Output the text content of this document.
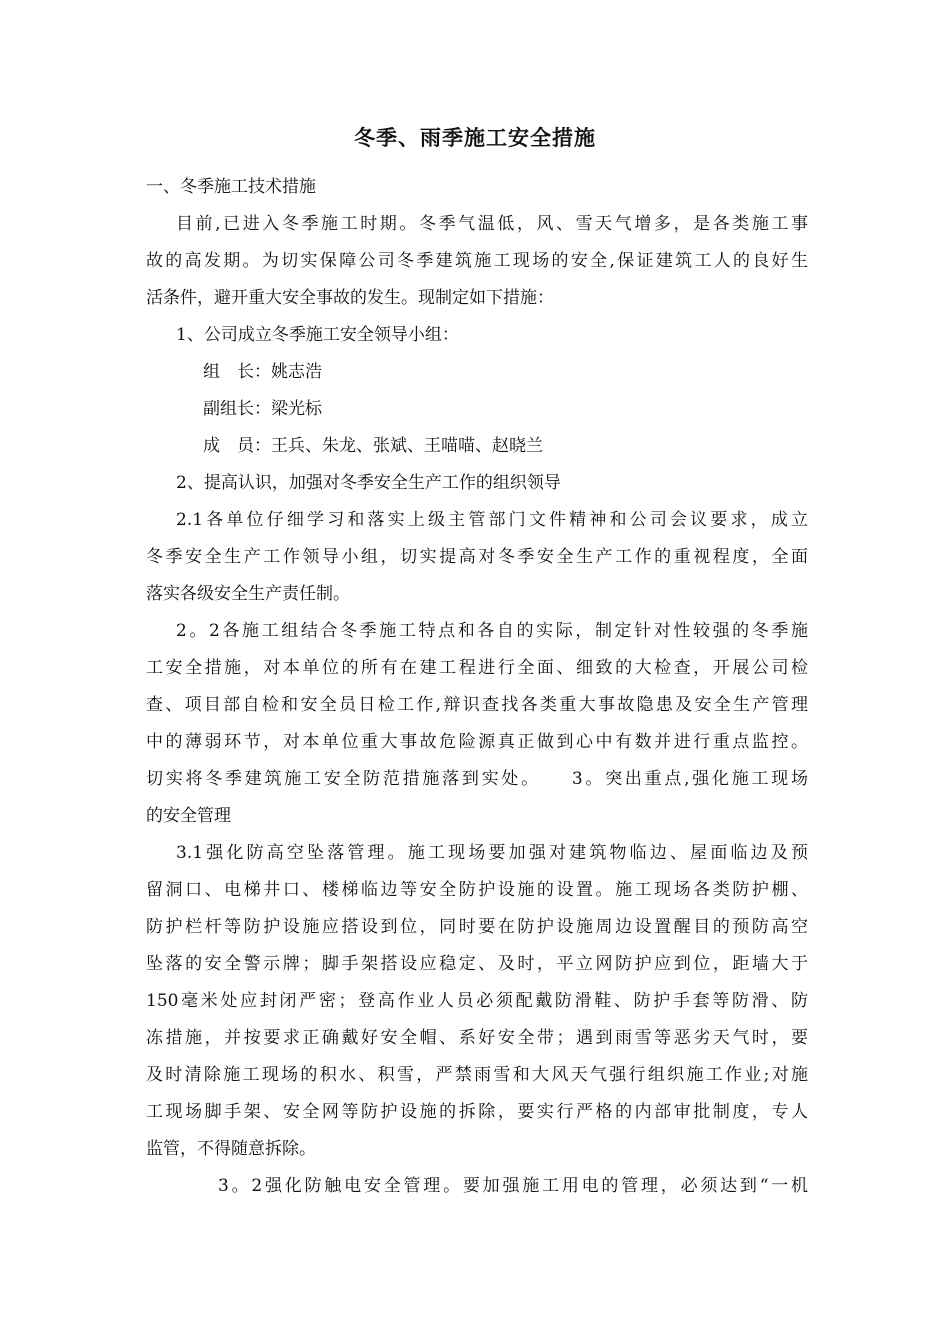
冬季、雨季施工安全措施

一、冬季施工技术措施

目前,已进入冬季施工时期。冬季气温低，风、雪天气增多，是各类施工事

故的高发期。为切实保障公司冬季建筑施工现场的安全,保证建筑工人的良好生

活条件，避开重大安全事故的发生。现制定如下措施：

1、公司成立冬季施工安全领导小组：

组　长：姚志浩

副组长：梁光标

成　员：王兵、朱龙、张斌、王喵喵、赵晓兰

2、提高认识，加强对冬季安全生产工作的组织领导

2.1各单位仔细学习和落实上级主管部门文件精神和公司会议要求，成立

冬季安全生产工作领导小组，切实提高对冬季安全生产工作的重视程度，全面

落实各级安全生产责任制。

2。2各施工组结合冬季施工特点和各自的实际，制定针对性较强的冬季施

工安全措施，对本单位的所有在建工程进行全面、细致的大检查，开展公司检

查、项目部自检和安全员日检工作,辩识查找各类重大事故隐患及安全生产管理

中的薄弱环节，对本单位重大事故危险源真正做到心中有数并进行重点监控。

切实将冬季建筑施工安全防范措施落到实处。　　3。突出重点,强化施工现场

的安全管理

3.1强化防高空坠落管理。施工现场要加强对建筑物临边、屋面临边及预

留洞口、电梯井口、楼梯临边等安全防护设施的设置。施工现场各类防护棚、

防护栏杆等防护设施应搭设到位，同时要在防护设施周边设置醒目的预防高空

坠落的安全警示牌；脚手架搭设应稳定、及时，平立网防护应到位，距墙大于

150毫米处应封闭严密；登高作业人员必须配戴防滑鞋、防护手套等防滑、防

冻措施，并按要求正确戴好安全帽、系好安全带；遇到雨雪等恶劣天气时，要

及时清除施工现场的积水、积雪，严禁雨雪和大风天气强行组织施工作业;对施

工现场脚手架、安全网等防护设施的拆除，要实行严格的内部审批制度，专人

监管，不得随意拆除。

3。2强化防触电安全管理。要加强施工用电的管理，必须达到“一机
